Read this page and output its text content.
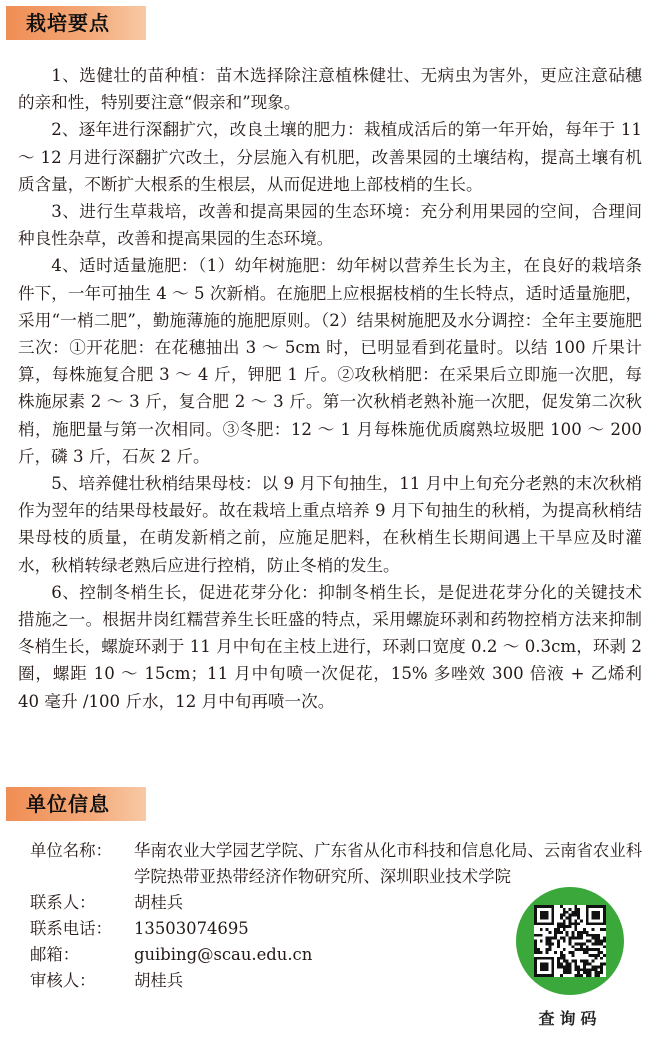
栽培要点

1、选健壮的苗种植：苗木选择除注意植株健壮、无病虫为害外，更应注意砧穗的亲和性，特别要注意“假亲和”现象。

2、逐年进行深翻扩穴，改良土壤的肥力：栽植成活后的第一年开始，每年于 11 ～ 12 月进行深翻扩穴改土，分层施入有机肥，改善果园的土壤结构，提高土壤有机质含量，不断扩大根系的生根层，从而促进地上部枝梢的生长。

3、进行生草栽培，改善和提高果园的生态环境：充分利用果园的空间，合理间种良性杂草，改善和提高果园的生态环境。

4、适时适量施肥：（1）幼年树施肥：幼年树以营养生长为主，在良好的栽培条件下，一年可抽生 4 ～ 5 次新梢。在施肥上应根据枝梢的生长特点，适时适量施肥，采用“一梢二肥”，勤施薄施的施肥原则。（2）结果树施肥及水分调控：全年主要施肥三次：①开花肥：在花穗抽出 3 ～ 5cm 时，已明显看到花量时。以结 100 斤果计算，每株施复合肥 3 ～ 4 斤，钾肥 1 斤。②攻秋梢肥：在采果后立即施一次肥，每株施尿素 2 ～ 3 斤，复合肥 2 ～ 3 斤。第一次秋梢老熟补施一次肥，促发第二次秋梢，施肥量与第一次相同。③冬肥：12 ～ 1 月每株施优质腐熟垃圾肥 100 ～ 200 斤，磷 3 斤，石灰 2 斤。

5、培养健壮秋梢结果母枝：以 9 月下旬抽生，11 月中上旬充分老熟的末次秋梢作为翌年的结果母枝最好。故在栽培上重点培养 9 月下旬抽生的秋梢，为提高秋梢结果母枝的质量，在萌发新梢之前，应施足肥料，在秋梢生长期间遇上干旱应及时灌水，秋梢转绿老熟后应进行控梢，防止冬梢的发生。

6、控制冬梢生长，促进花芽分化：抑制冬梢生长，是促进花芽分化的关键技术措施之一。根据井岗红糯营养生长旺盛的特点，采用螺旋环剥和药物控梢方法来抑制冬梢生长，螺旋环剥于 11 月中旬在主枝上进行，环剥口宽度 0.2 ～ 0.3cm，环剥 2 圈，螺距 10 ～ 15cm；11 月中旬喷一次促花，15% 多唑效 300 倍液 + 乙烯利 40 毫升 /100 斤水，12 月中旬再喷一次。

单位信息
单位名称：	华南农业大学园艺学院、广东省从化市科技和信息化局、云南省农业科学院热带亚热带经济作物研究所、深圳职业技术学院
联系人：	胡桂兵
联系电话：	13503074695
邮箱：	guibing@scau.edu.cn
审核人：	胡桂兵
查询码
